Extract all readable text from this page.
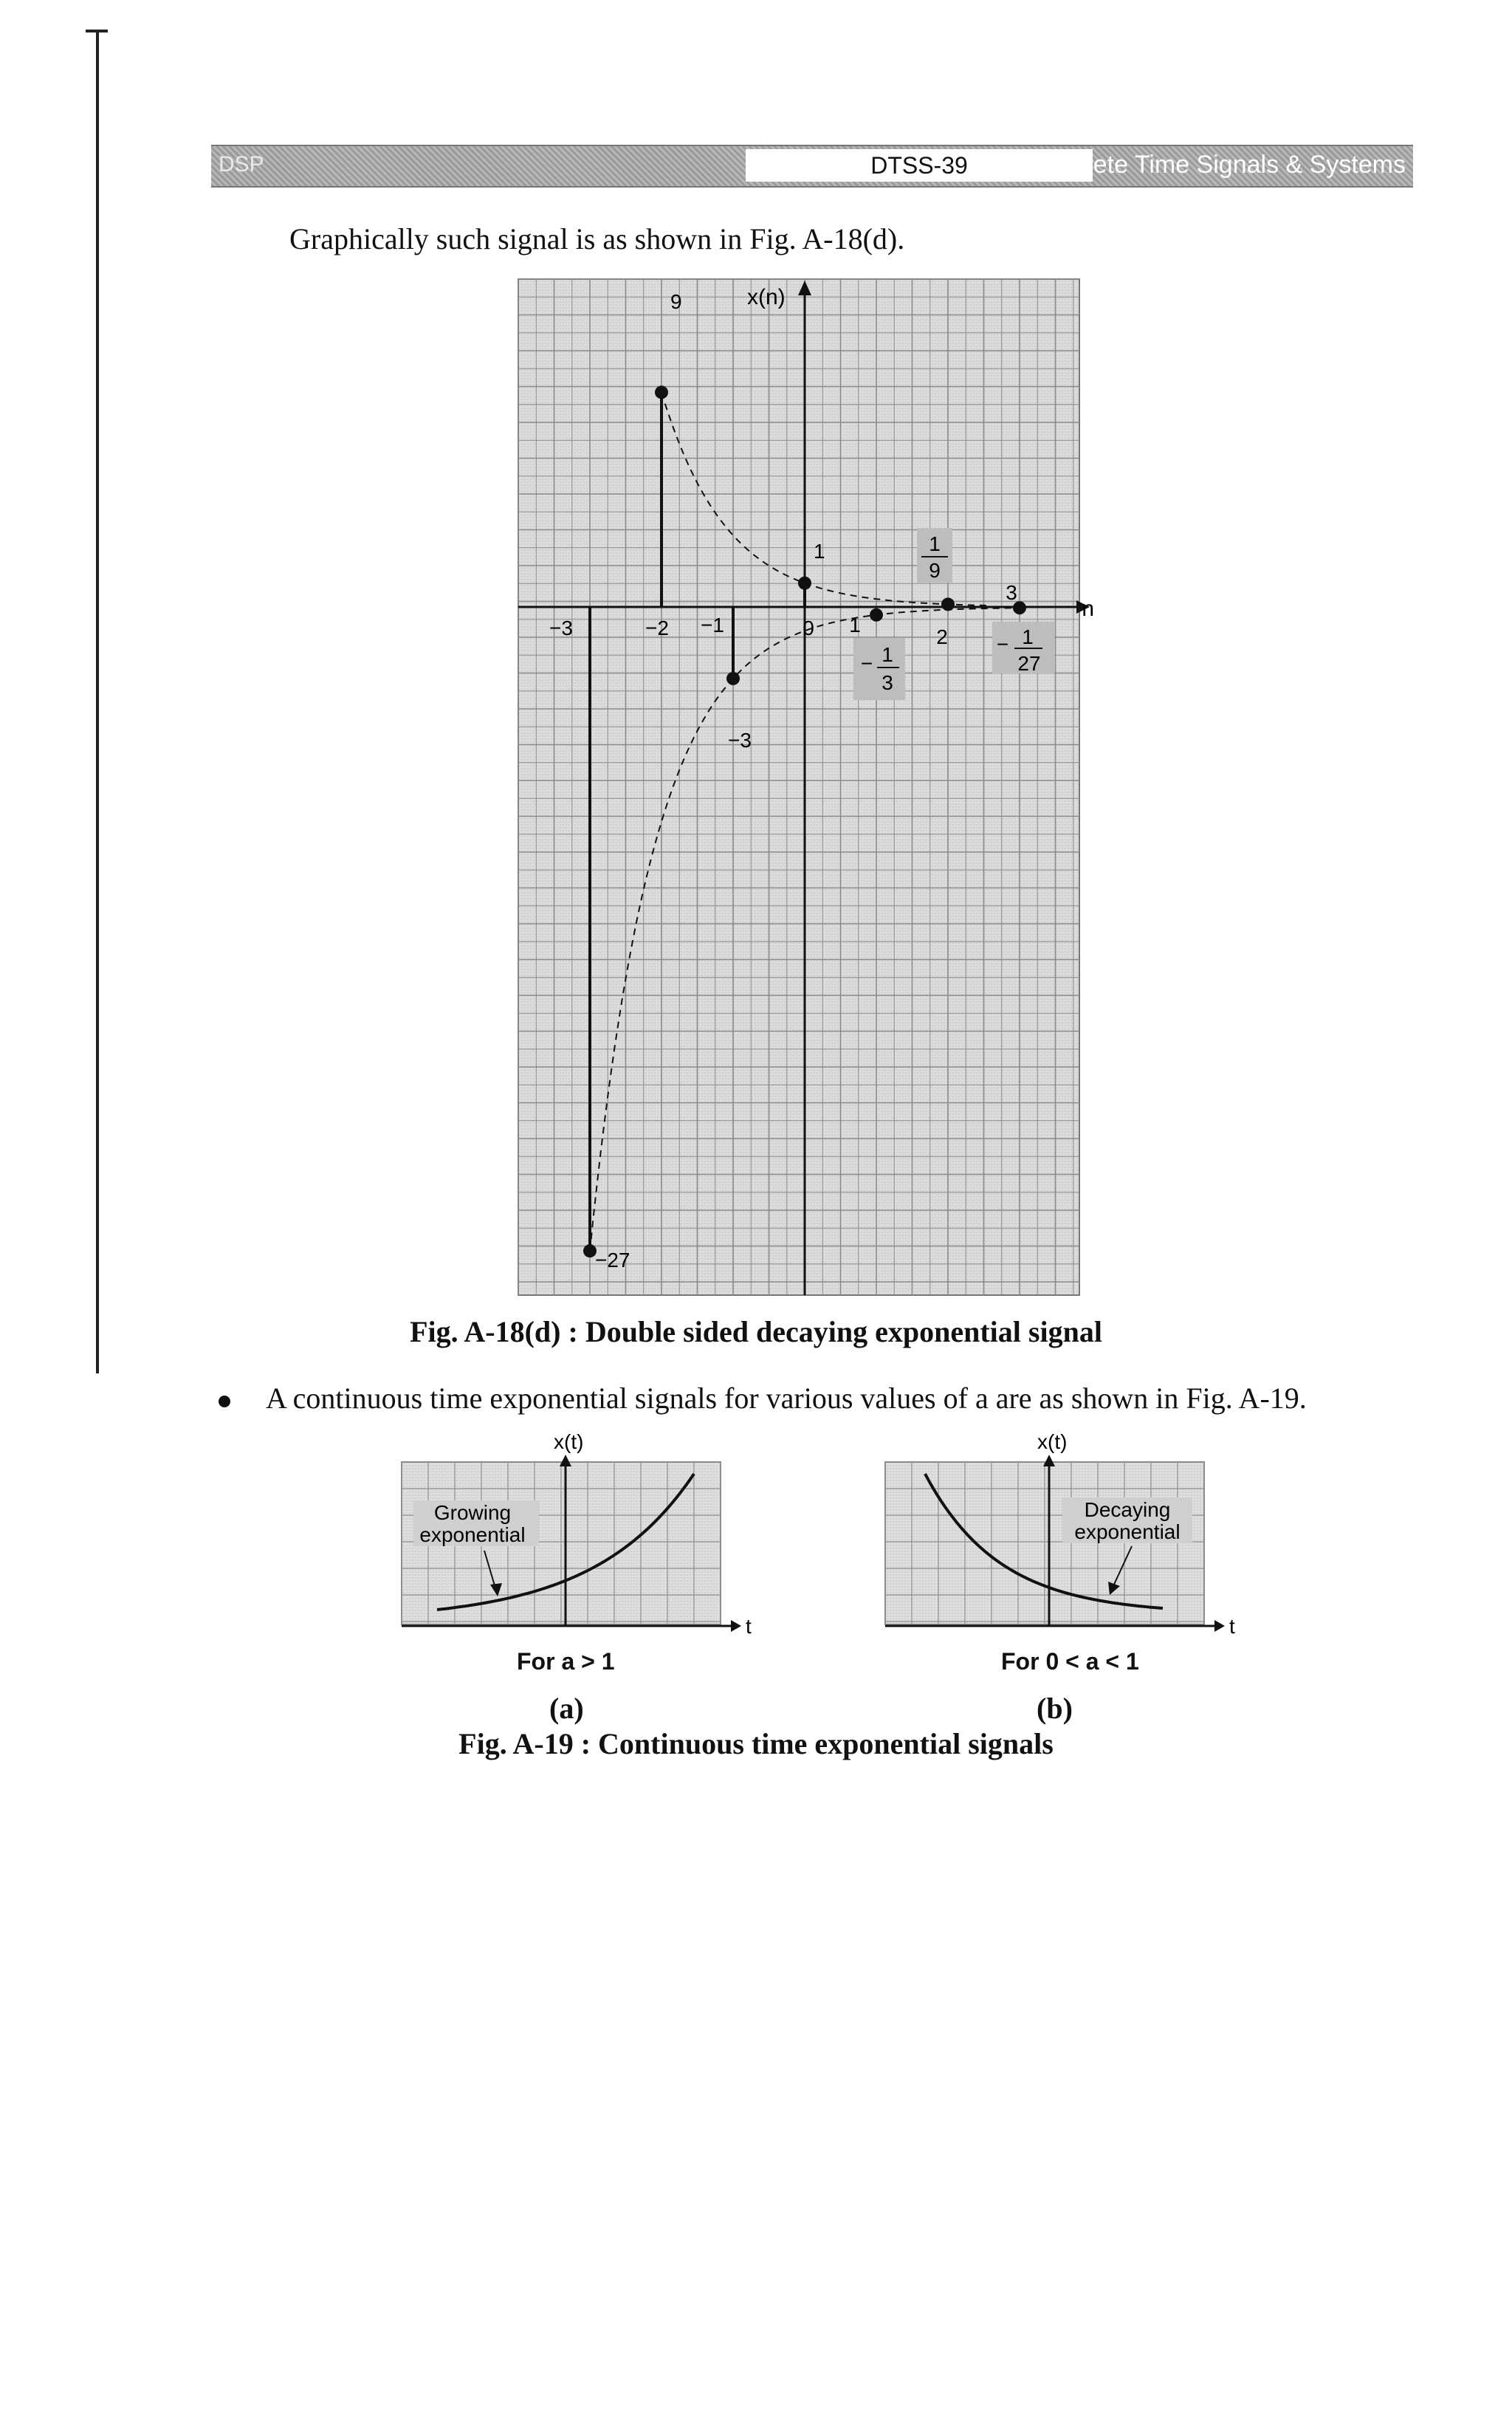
DSP	DTSS-39	Discrete Time Signals & Systems
Graphically such signal is as shown in Fig. A-18(d).
x(n)
n
−3	−2 −1	0 1
2
3
9
1
−3
−27
1
9
− 1
3
− 1
27
Fig. A-18(d) : Double sided decaying exponential signal
A continuous time exponential signals for various values of a are as shown in Fig. A-19.
Growing
exponential
x(t)
t
For a > 1
(a)
Decaying
exponential
x(t)
t
For 0 < a < 1
(b)
Fig. A-19 : Continuous time exponential signals
